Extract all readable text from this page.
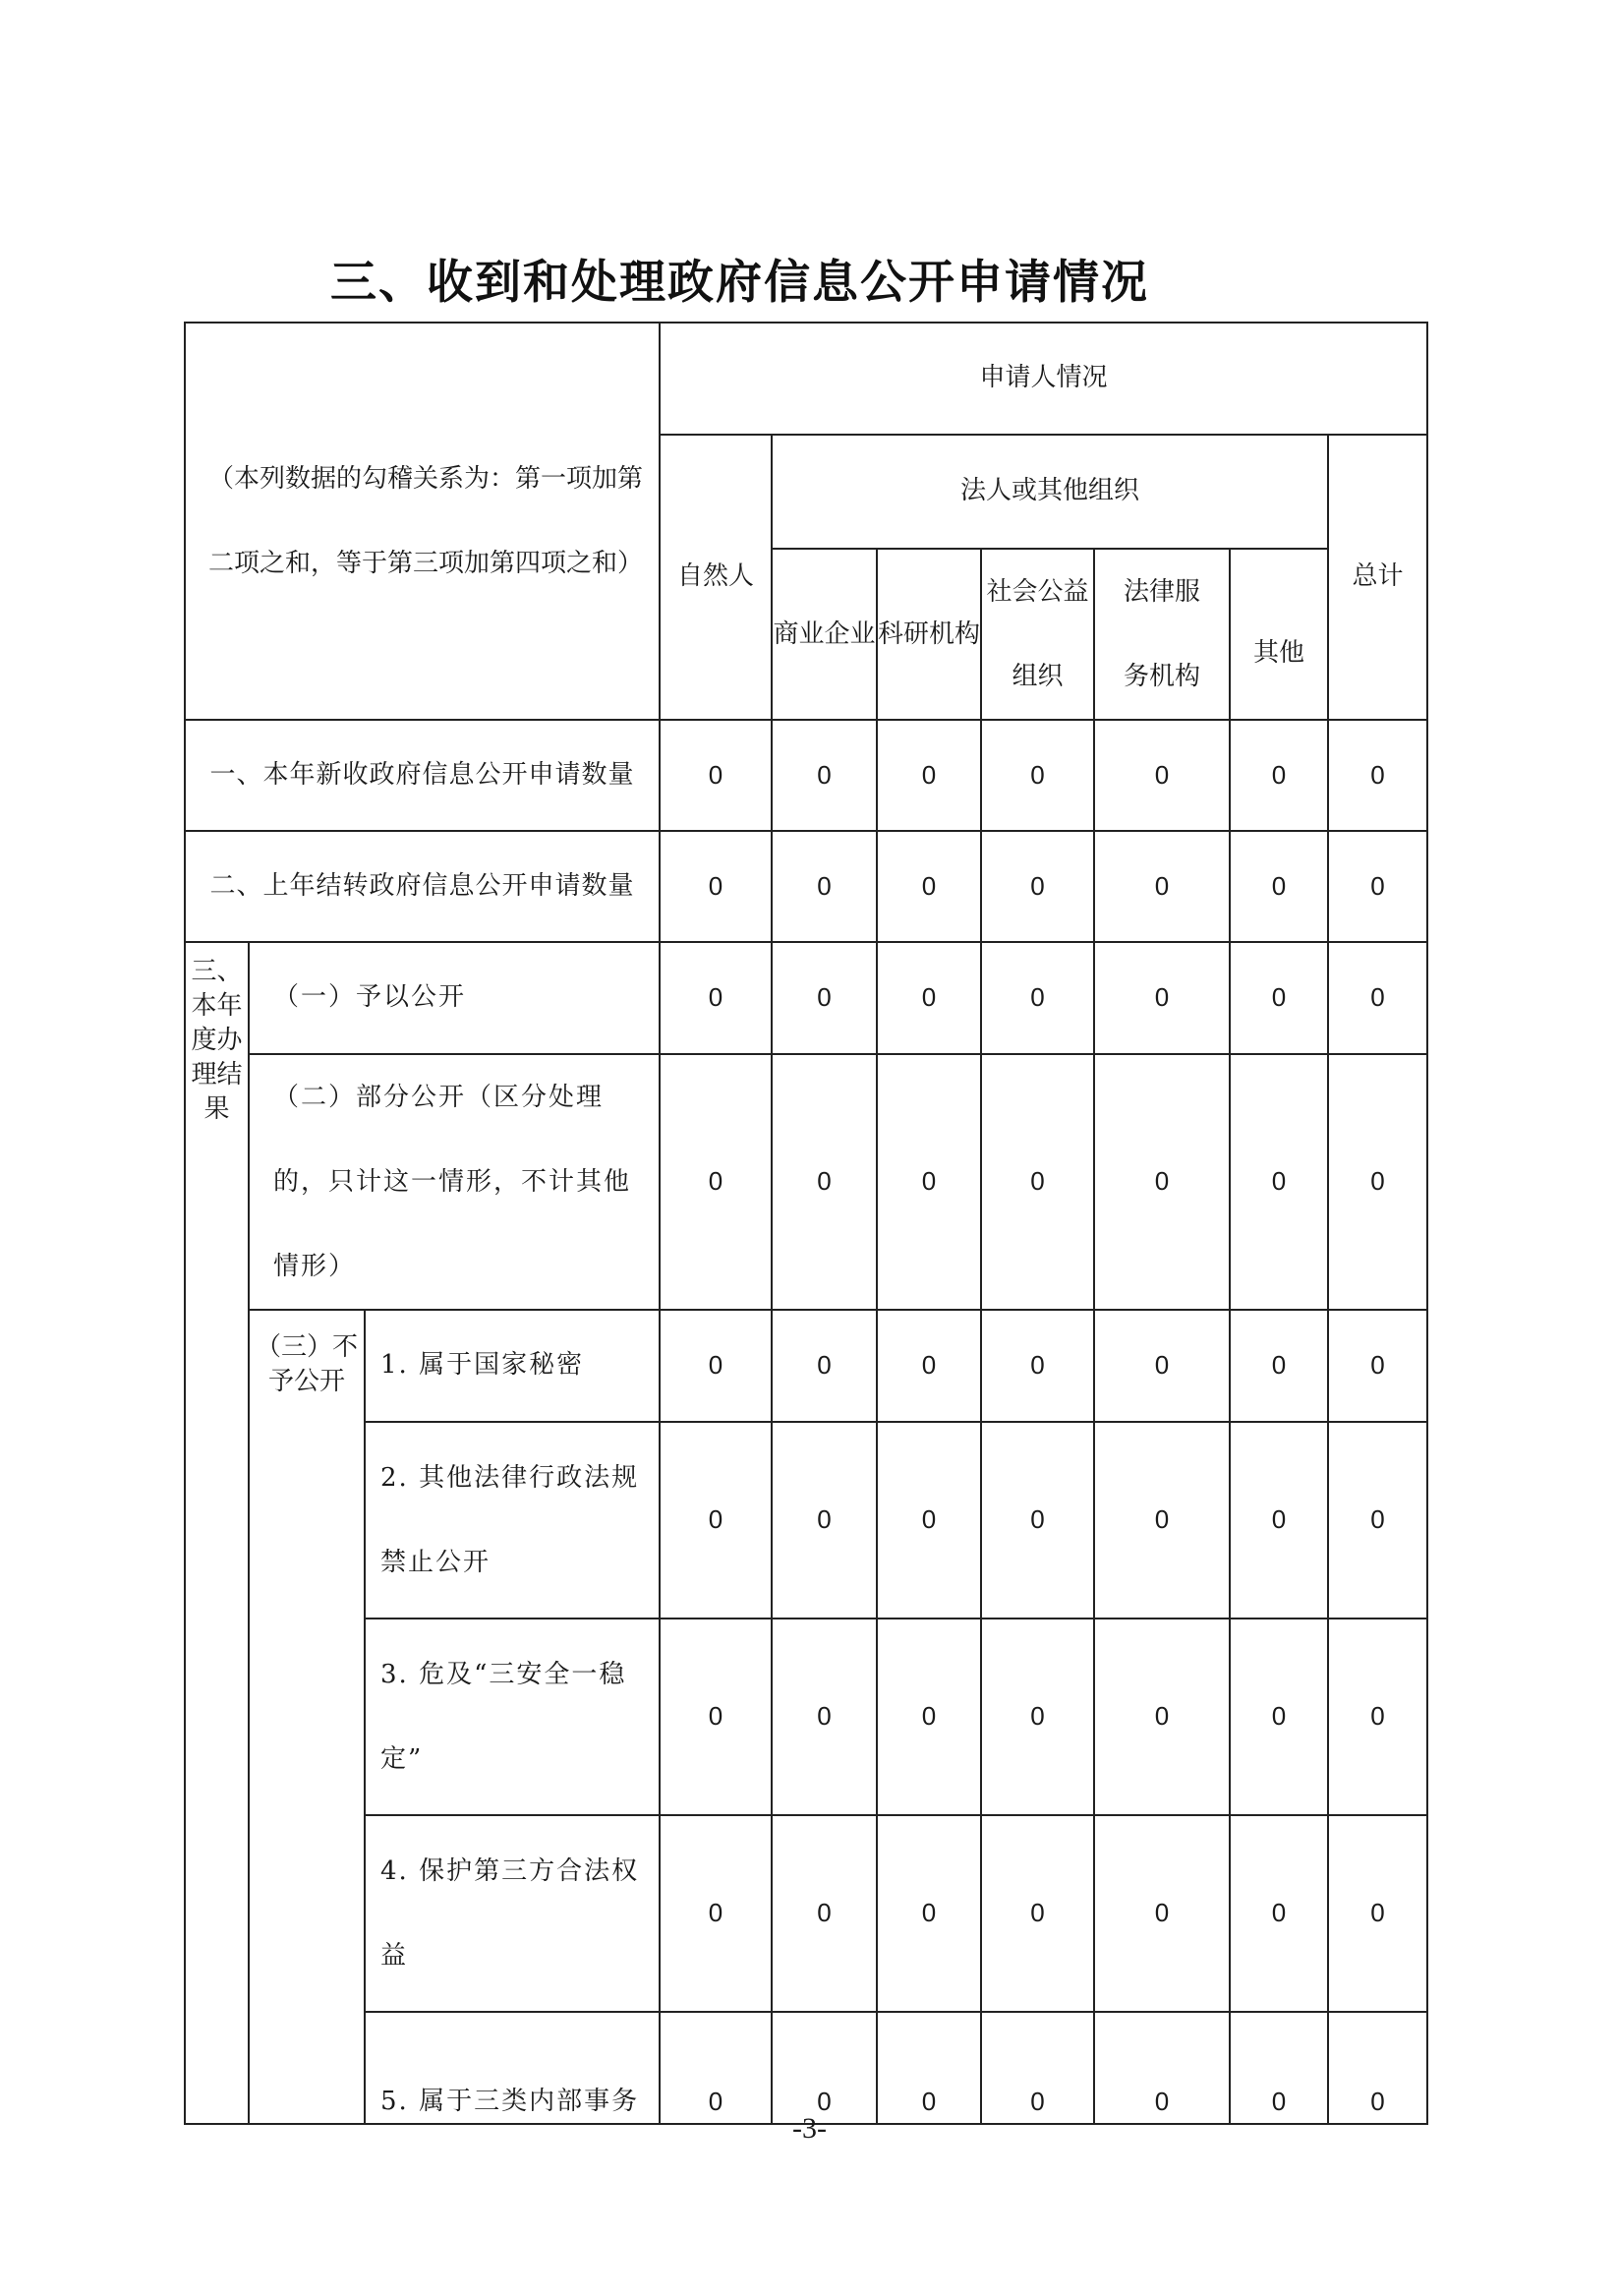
三、收到和处理政府信息公开申请情况
（本列数据的勾稽关系为：第一项加第二项之和，等于第三项加第四项之和）			申请人情况						
			自然人	法人或其他组织					总计
				商业企业	科研机构	社会公益组织	法律服务机构	其他	

一、本年新收政府信息公开申请数量			0	0	0	0	0	0	0
二、上年结转政府信息公开申请数量			0	0	0	0	0	0	0
三、本年度办理结果	（一）予以公开		0	0	0	0	0	0	0
	（二）部分公开（区分处理的，只计这一情形，不计其他情形）		0	0	0	0	0	0	0
	（三）不予公开	1. 属于国家秘密	0	0	0	0	0	0	0
		2. 其他法律行政法规禁止公开	0	0	0	0	0	0	0
		3. 危及“三安全一稳定”	0	0	0	0	0	0	0
		4. 保护第三方合法权益	0	0	0	0	0	0	0
		5. 属于三类内部事务	0	0	0	0	0	0	0
-3-
